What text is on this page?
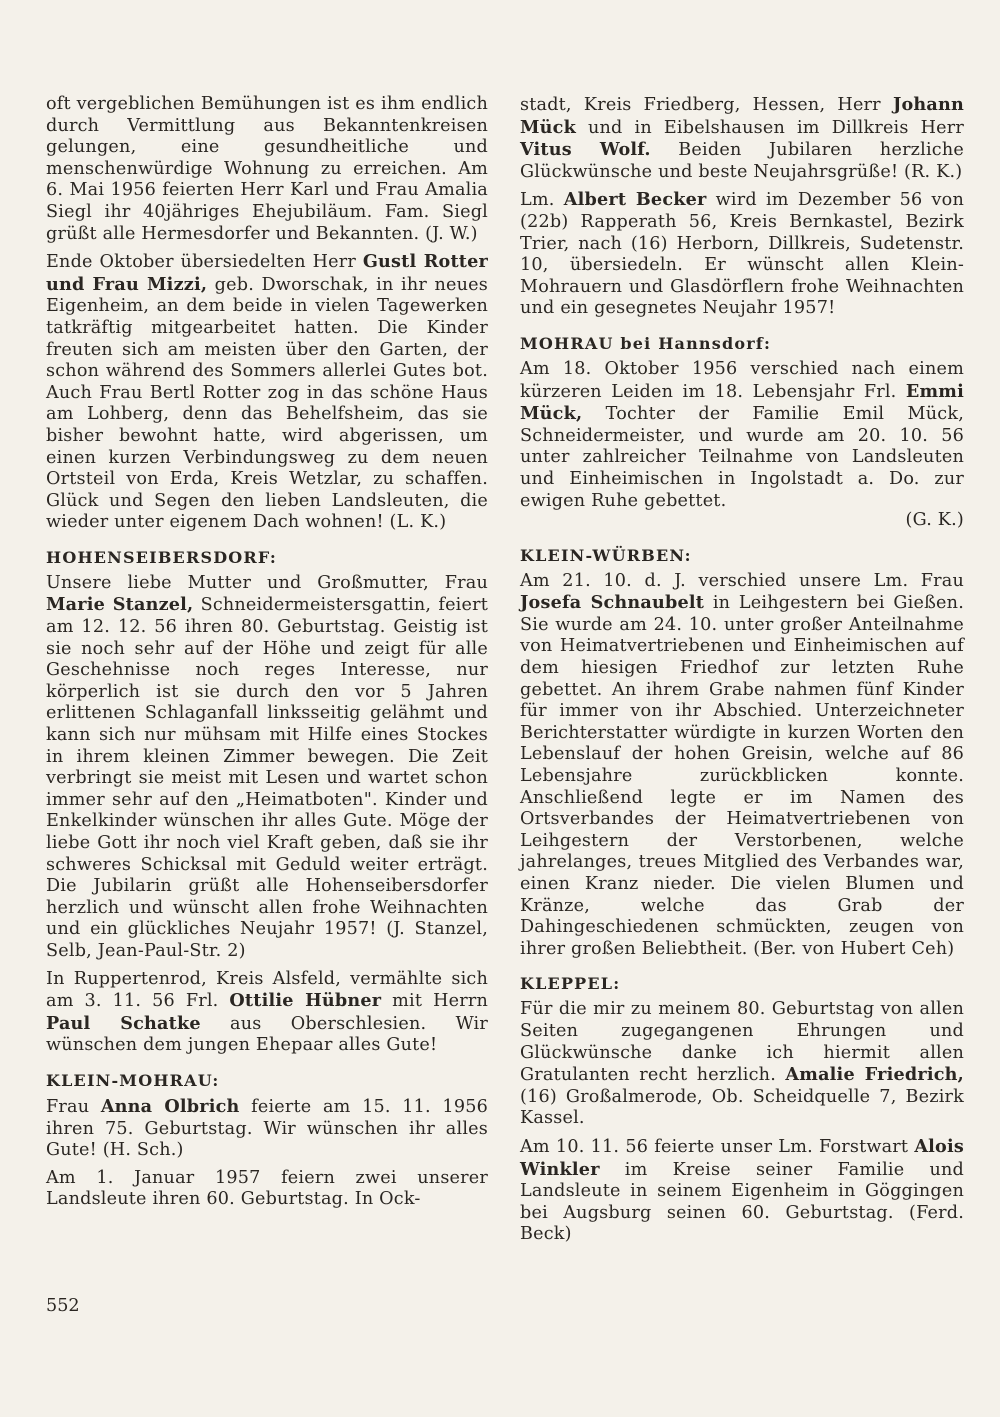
oft vergeblichen Bemühungen ist es ihm endlich durch Vermittlung aus Bekanntenkreisen gelungen, eine gesundheitliche und menschenwürdige Wohnung zu erreichen. Am 6. Mai 1956 feierten Herr Karl und Frau Amalia Siegl ihr 40jähriges Ehejubiläum. Fam. Siegl grüßt alle Hermesdorfer und Bekannten. (J. W.)

Ende Oktober übersiedelten Herr Gustl Rotter und Frau Mizzi, geb. Dworschak, in ihr neues Eigenheim, an dem beide in vielen Tagewerken tatkräftig mitgearbeitet hatten. Die Kinder freuten sich am meisten über den Garten, der schon während des Sommers allerlei Gutes bot. Auch Frau Bertl Rotter zog in das schöne Haus am Lohberg, denn das Behelfsheim, das sie bisher bewohnt hatte, wird abgerissen, um einen kurzen Verbindungsweg zu dem neuen Ortsteil von Erda, Kreis Wetzlar, zu schaffen. Glück und Segen den lieben Landsleuten, die wieder unter eigenem Dach wohnen! (L. K.)

HOHENSEIBERSDORF:

Unsere liebe Mutter und Großmutter, Frau Marie Stanzel, Schneidermeistersgattin, feiert am 12. 12. 56 ihren 80. Geburtstag. Geistig ist sie noch sehr auf der Höhe und zeigt für alle Geschehnisse noch reges Interesse, nur körperlich ist sie durch den vor 5 Jahren erlittenen Schlaganfall linksseitig gelähmt und kann sich nur mühsam mit Hilfe eines Stockes in ihrem kleinen Zimmer bewegen. Die Zeit verbringt sie meist mit Lesen und wartet schon immer sehr auf den „Heimatboten". Kinder und Enkelkinder wünschen ihr alles Gute. Möge der liebe Gott ihr noch viel Kraft geben, daß sie ihr schweres Schicksal mit Geduld weiter erträgt. Die Jubilarin grüßt alle Hohenseibersdorfer herzlich und wünscht allen frohe Weihnachten und ein glückliches Neujahr 1957! (J. Stanzel, Selb, Jean-Paul-Str. 2)

In Ruppertenrod, Kreis Alsfeld, vermählte sich am 3. 11. 56 Frl. Ottilie Hübner mit Herrn Paul Schatke aus Oberschlesien. Wir wünschen dem jungen Ehepaar alles Gute!

KLEIN-MOHRAU:

Frau Anna Olbrich feierte am 15. 11. 1956 ihren 75. Geburtstag. Wir wünschen ihr alles Gute! (H. Sch.)

Am 1. Januar 1957 feiern zwei unserer Landsleute ihren 60. Geburtstag. In Ock-

stadt, Kreis Friedberg, Hessen, Herr Johann Mück und in Eibelshausen im Dillkreis Herr Vitus Wolf. Beiden Jubilaren herzliche Glückwünsche und beste Neujahrsgrüße! (R. K.)

Lm. Albert Becker wird im Dezember 56 von (22b) Rapperath 56, Kreis Bernkastel, Bezirk Trier, nach (16) Herborn, Dillkreis, Sudetenstr. 10, übersiedeln. Er wünscht allen Klein-Mohrauern und Glasdörflern frohe Weihnachten und ein gesegnetes Neujahr 1957!

MOHRAU bei Hannsdorf:

Am 18. Oktober 1956 verschied nach einem kürzeren Leiden im 18. Lebensjahr Frl. Emmi Mück, Tochter der Familie Emil Mück, Schneidermeister, und wurde am 20. 10. 56 unter zahlreicher Teilnahme von Landsleuten und Einheimischen in Ingolstadt a. Do. zur ewigen Ruhe gebettet.
(G. K.)

KLEIN-WÜRBEN:

Am 21. 10. d. J. verschied unsere Lm. Frau Josefa Schnaubelt in Leihgestern bei Gießen. Sie wurde am 24. 10. unter großer Anteilnahme von Heimatvertriebenen und Einheimischen auf dem hiesigen Friedhof zur letzten Ruhe gebettet. An ihrem Grabe nahmen fünf Kinder für immer von ihr Abschied. Unterzeichneter Berichterstatter würdigte in kurzen Worten den Lebenslauf der hohen Greisin, welche auf 86 Lebensjahre zurückblicken konnte. Anschließend legte er im Namen des Ortsverbandes der Heimatvertriebenen von Leihgestern der Verstorbenen, welche jahrelanges, treues Mitglied des Verbandes war, einen Kranz nieder. Die vielen Blumen und Kränze, welche das Grab der Dahingeschiedenen schmückten, zeugen von ihrer großen Beliebtheit. (Ber. von Hubert Ceh)

KLEPPEL:

Für die mir zu meinem 80. Geburtstag von allen Seiten zugegangenen Ehrungen und Glückwünsche danke ich hiermit allen Gratulanten recht herzlich. Amalie Friedrich, (16) Großalmerode, Ob. Scheidquelle 7, Bezirk Kassel.

Am 10. 11. 56 feierte unser Lm. Forstwart Alois Winkler im Kreise seiner Familie und Landsleute in seinem Eigenheim in Göggingen bei Augsburg seinen 60. Geburtstag. (Ferd. Beck)

552
